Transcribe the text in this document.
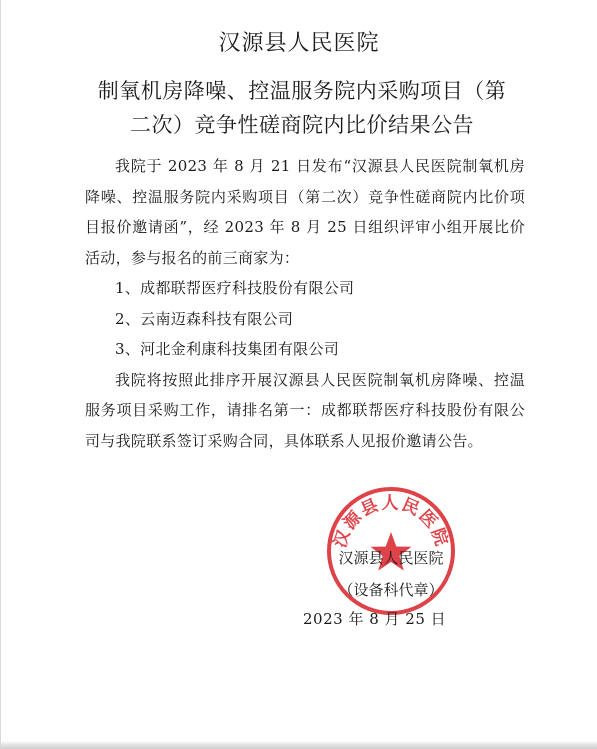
汉源县人民医院
制氧机房降噪、控温服务院内采购项目（第
二次）竞争性磋商院内比价结果公告

我院于 2023 年 8 月 21 日发布“汉源县人民医院制氧机房降噪、控温服务院内采购项目（第二次）竞争性磋商院内比价项目报价邀请函”，经 2023 年 8 月 25 日组织评审小组开展比价活动，参与报名的前三商家为：

1、成都联帮医疗科技股份有限公司
2、云南迈森科技有限公司
3、河北金利康科技集团有限公司

我院将按照此排序开展汉源县人民医院制氧机房降噪、控温服务项目采购工作，请排名第一：成都联帮医疗科技股份有限公司与我院联系签订采购合同，具体联系人见报价邀请公告。

汉源县人民医院
汉源县人民医院
（设备科代章）
2023 年 8 月 25 日
